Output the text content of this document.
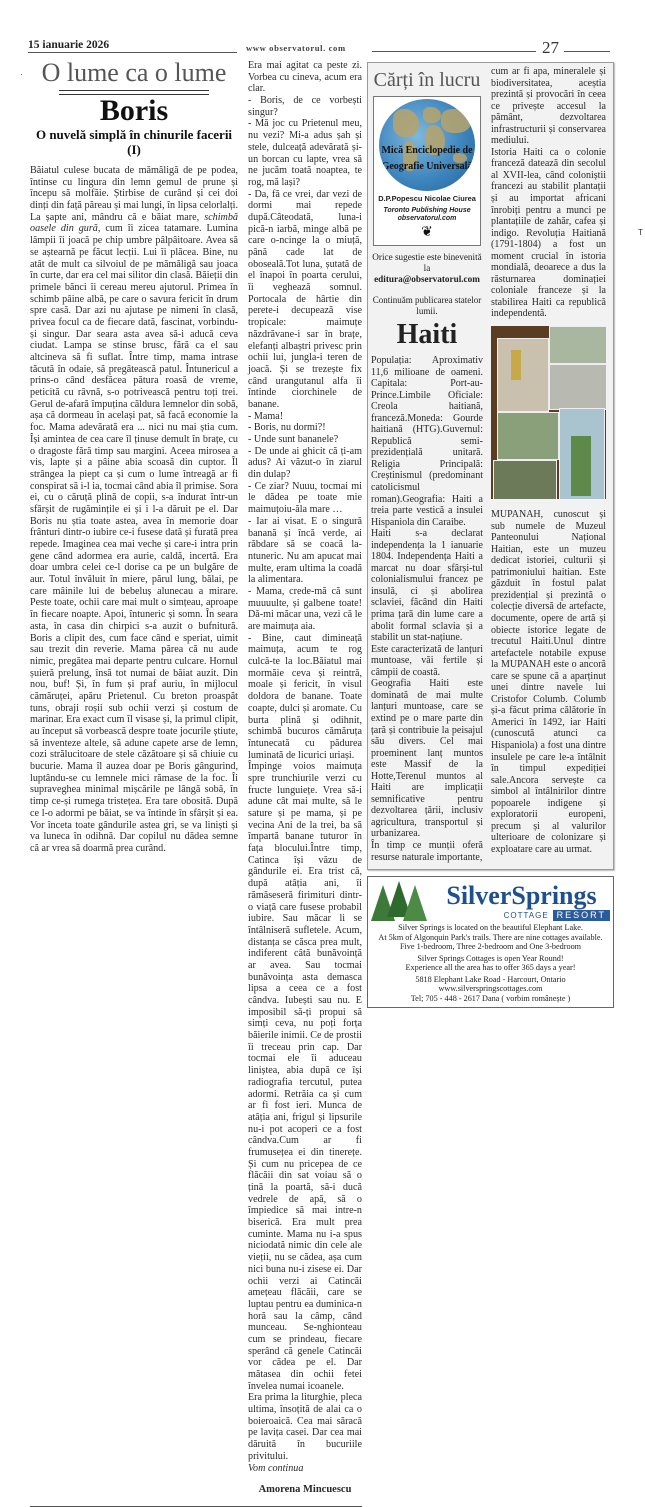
15 ianuarie 2026	www observatorul. com	27
·
T
O lume ca o lume
Boris
O nuvelă simplă în chinurile facerii (I)

Băiatul culese bucata de mămăligă de pe podea, întinse cu lingura din lemn gemul de prune și începu să molfăie. Știrbise de curând și cei doi dinți din față păreau și mai lungi, în lipsa celorlalți. La șapte ani, mândru că e băiat mare, schimbă oasele din gură, cum îi zicea tatamare. Lumina lămpii îi joacă pe chip umbre pâlpâitoare. Avea să se aștearnă pe făcut lecții. Lui îi plăcea. Bine, nu atât de mult ca silvoiul de pe mămăligă sau joaca în curte, dar era cel mai silitor din clasă. Băieții din primele bănci îi cereau mereu ajutorul. Primea în schimb pâine albă, pe care o savura fericit în drum spre casă. Dar azi nu ajutase pe nimeni în clasă, privea focul ca de fiecare dată, fascinat, vorbindu-și singur. Dar seara asta avea să-i aducă ceva ciudat. Lampa se stinse brusc, fără ca el sau altcineva să fi suflat. Între timp, mama intrase tăcută în odaie, să pregătească patul. Întunericul a prins-o când desfăcea pătura roasă de vreme, peticită cu râvnă, s-o potrivească pentru toți trei. Gerul de-afară împuțina căldura lemnelor din sobă, așa că dormeau în același pat, să facă economie la foc. Mama adevărată era ... nici nu mai știa cum. Își amintea de cea care îl ținuse demult în brațe, cu o dragoste fără timp sau margini. Aceea mirosea a vis, lapte și a pâine abia scoasă din cuptor. Îl strângea la piept ca și cum o lume întreagă ar fi conspirat să i-l ia, tocmai când abia îl primise. Sora ei, cu o căruță plină de copii, s-a îndurat într-un sfârșit de rugămințile ei și i l-a dăruit pe el. Dar Boris nu știa toate astea, avea în memorie doar frânturi dintr-o iubire ce-i fusese dată și furată prea repede. Imaginea cea mai veche și care-i intra prin gene când adormea era aurie, caldă, incertă. Era doar umbra celei ce-l dorise ca pe un bulgăre de aur. Totul învăluit în miere, părul lung, bălai, pe care mâinile lui de bebeluș alunecau a mirare. Peste toate, ochii care mai mult o simțeau, aproape în fiecare noapte. Apoi, întuneric și somn. În seara asta, în casa din chirpici s-a auzit o bufnitură. Boris a clipit des, cum face când e speriat, uimit sau trezit din reverie. Mama părea că nu aude nimic, pregătea mai departe pentru culcare. Hornul șuieră prelung, însă tot numai de băiat auzit. Din nou, buf! Și, în fum și praf auriu, în mijlocul cămăruței, apăru Prietenul. Cu breton proaspăt tuns, obraji roșii sub ochii verzi și costum de marinar. Era exact cum îl visase și, la primul clipit, au început să vorbească despre toate jocurile știute, să inventeze altele, să adune capete arse de lemn, cozi strălucitoare de stele căzătoare și să chiuie cu bucurie. Mama îl auzea doar pe Boris gângurind, luptându-se cu lemnele mici rămase de la foc. Îi supraveghea minimal mișcările pe lângă sobă, în timp ce-și rumega tristețea. Era tare obosită. După ce l-o adormi pe băiat, se va întinde în sfârșit și ea. Vor înceta toate gândurile astea gri, se va liniști și va luneca în odihnă. Dar copilul nu dădea semne că ar vrea să doarmă prea curând.

Era mai agitat ca peste zi. Vorbea cu cineva, acum era clar.

- Boris, de ce vorbești singur?

- Mă joc cu Prietenul meu, nu vezi? Mi-a adus șah și stele, dulceață adevărată și-un borcan cu lapte, vrea să ne jucăm toată noaptea, te rog, mă lași?

- Da, fă ce vrei, dar vezi de dormi mai repede după.Câteodată, luna-i pică-n iarbă, minge albă pe care o-ncinge la o miuță, până cade lat de oboseală.Tot luna, șutată de el înapoi în poarta cerului, îi veghează somnul. Portocala de hârtie din perete-i decupează vise tropicale: maimuțe năzdrăvane-i sar în brațe, elefanți albaștri privesc prin ochii lui, jungla-i teren de joacă. Și se trezește fix când urangutanul alfa îi întinde ciorchinele de banane.

- Mama!

- Boris, nu dormi?!

- Unde sunt bananele?

- De unde ai ghicit că ți-am adus? Ai văzut-o în ziarul din dulap?

- Ce ziar? Nuuu, tocmai mi le dădea pe toate mie maimuțoiu-ăla mare …

- Iar ai visat. E o singură banană și încă verde, ai răbdare să se coacă la-ntuneric. Nu am apucat mai multe, eram ultima la coadă la alimentara.

- Mama, crede-mă că sunt muuuulte, și galbene toate! Dă-mi măcar una, vezi că le are maimuța aia.

- Bine, caut dimineață maimuța, acum te rog culcă-te la loc.Băiatul mai mormăie ceva și reintră, moale și fericit, în visul doldora de banane. Toate coapte, dulci și aromate. Cu burta plină și odihnit, schimbă bucuros cămăruța întunecată cu pădurea luminată de licurici uriași.

Împinge voios maimuța spre trunchiurile verzi cu fructe lunguiețe. Vrea să-i adune cât mai multe, să le sature și pe mama, și pe vecina Ani de la trei, ba să împartă banane tuturor în fața blocului.Între timp, Catinca își văzu de gândurile ei. Era trist că, după atâția ani, îi rămăseseră firimituri dintr-o viață care fusese probabil iubire. Sau măcar li se întâlniseră sufletele. Acum, distanța se căsca prea mult, indiferent câtă bunăvoință ar avea. Sau tocmai bunăvoința asta demasca lipsa a ceea ce a fost cândva. Iubești sau nu. E imposibil să-ți propui să simți ceva, nu poți forța băierile inimii. Ce de prostii îi treceau prin cap. Dar tocmai ele îi aduceau liniștea, abia după ce își radiografia tercutul, putea adormi. Retrăia ca și cum ar fi fost ieri. Munca de atâția ani, frigul și lipsurile nu-i pot acoperi ce a fost cândva.Cum ar fi frumusețea ei din tinerețe. Și cum nu pricepea de ce flăcăii din sat voiau să o țină la poartă, să-i ducă vedrele de apă, să o împiedice să mai intre-n biserică. Era mult prea cuminte. Mama nu i-a spus niciodată nimic din cele ale vieții, nu se cădea, așa cum nici buna nu-i zisese ei. Dar ochii verzi ai Catincăi amețeau flăcăii, care se luptau pentru ea duminica-n horă sau la câmp, când munceau. Se-nghionteau cum se prindeau, fiecare sperând că genele Catincăi vor cădea pe el. Dar mătasea din ochii fetei învelea numai icoanele.

Era prima la liturghie, pleca ultima, însoțită de alai ca o boieroaică. Cea mai săracă pe lavița casei. Dar cea mai dăruită în bucuriile privitului.

Vom continua

Amorena Mincuescu
Cărți în lucru
Mică Enciclopedie de
Geografie Universală
D.P.Popescu Nicolae Ciurea
Toronto Publishing House
observatorul.com
❦
Orice sugestie este binevenită la
editura@observatorul.com
Continuăm publicarea statelor lumii.
Haiti

Populația: Aproximativ 11,6 milioane de oameni. Capitala: Port-au-Prince.Limbile Oficiale: Creola haitiană, franceză.Moneda: Gourde haitiană (HTG).Guvernul: Republică semi-prezidențială unitară. Religia Principală: Creștinismul (predominant catolicismul roman).Geografia: Haiti a treia parte vestică a insulei Hispaniola din Caraibe.

Haiti s-a declarat independența la 1 ianuarie 1804. Independența Haiti a marcat nu doar sfârși-tul colonialismului francez pe insulă, ci și abolirea sclaviei, făcând din Haiti prima țară din lume care a abolit formal sclavia și a stabilit un stat-națiune.

Este caracterizată de lanțuri muntoase, văi fertile și câmpii de coastă.

Geografia Haiti este dominată de mai multe lanțuri muntoase, care se extind pe o mare parte din țară și contribuie la peisajul său divers. Cel mai proeminent lanț muntos este Massif de la Hotte,Terenul muntos al Haiti are implicații semnificative pentru dezvoltarea țării, inclusiv agricultura, transportul și urbanizarea.

În timp ce munții oferă resurse naturale importante,

cum ar fi apa, mineralele și biodiversitatea, aceștia prezintă și provocări în ceea ce privește accesul la pământ, dezvoltarea infrastructurii și conservarea mediului.

Istoria Haiti ca o colonie franceză datează din secolul al XVII-lea, când coloniștii francezi au stabilit plantații și au importat africani înrobiți pentru a munci pe plantațiile de zahăr, cafea și indigo. Revoluția Haitiană (1791-1804) a fost un moment crucial în istoria mondială, deoarece a dus la răsturnarea dominației coloniale franceze și la stabilirea Haiti ca republică independentă.

MUPANAH, cunoscut și sub numele de Muzeul Panteonului Național Haitian, este un muzeu dedicat istoriei, culturii și patrimoniului haitian. Este găzduit în fostul palat prezidențial și prezintă o colecție diversă de artefacte, documente, opere de artă și obiecte istorice legate de trecutul Haiti.Unul dintre artefactele notabile expuse la MUPANAH este o ancoră care se spune că a aparținut unei dintre navele lui Cristofor Columb. Columb și-a făcut prima călătorie în Americi în 1492, iar Haiti (cunoscută atunci ca Hispaniola) a fost una dintre insulele pe care le-a întâlnit în timpul expediției sale.Ancora servește ca simbol al întâlnirilor dintre popoarele indigene și exploratorii europeni, precum și al valurilor ulterioare de colonizare și exploatare care au urmat.

SilverSprings
COTTAGE RESORT
Silver Springs is located on the beautiful Elephant Lake.
At 5km of Algonquin Park's trails. There are nine cottages available.
Five 1-bedroom, Three 2-bedroom and One 3-bedroom
Silver Springs Cottages is open Year Round!
Experience all the area has to offer 365 days a year!
5818 Elephant Lake Road - Harcourt, Ontario
www.silverspringscottages.com
Tel; 705 - 448 - 2617 Dana ( vorbim românește )
